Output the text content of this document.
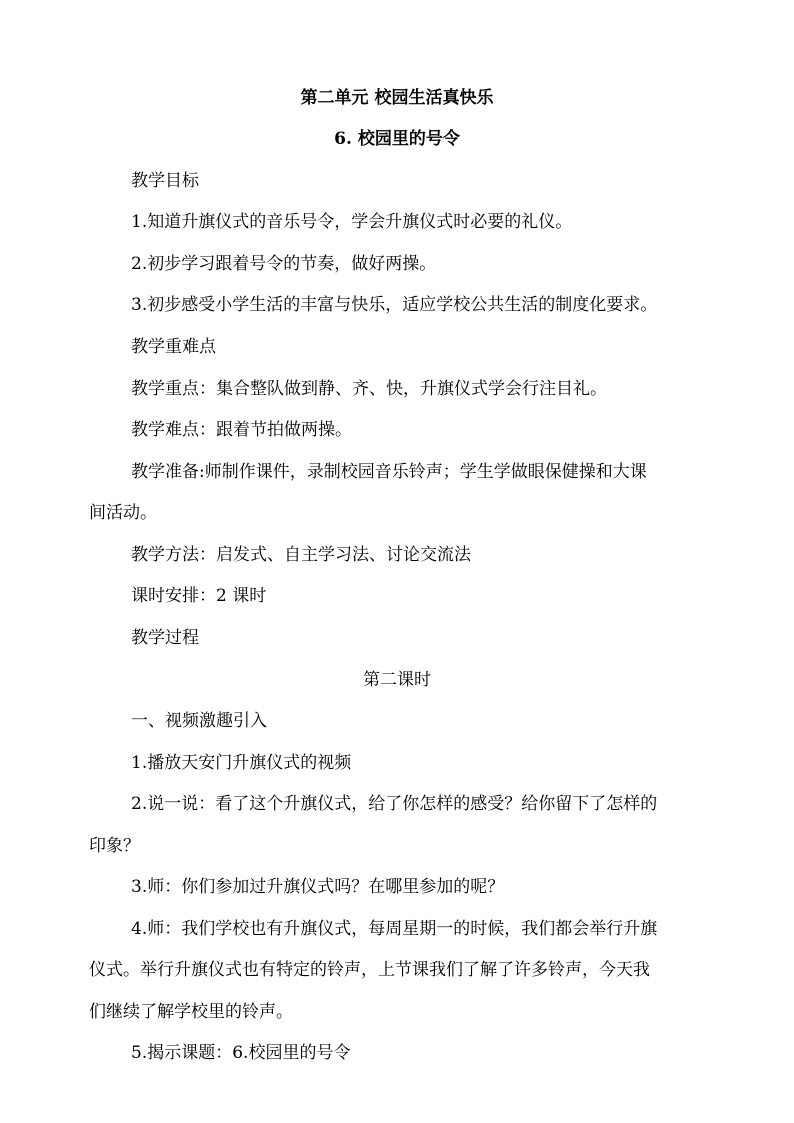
第二单元 校园生活真快乐

6. 校园里的号令

教学目标

1.知道升旗仪式的音乐号令，学会升旗仪式时必要的礼仪。

2.初步学习跟着号令的节奏，做好两操。

3.初步感受小学生活的丰富与快乐，适应学校公共生活的制度化要求。

教学重难点

教学重点：集合整队做到静、齐、快，升旗仪式学会行注目礼。

教学难点：跟着节拍做两操。

教学准备:师制作课件，录制校园音乐铃声；学生学做眼保健操和大课

间活动。

教学方法：启发式、自主学习法、讨论交流法

课时安排：2 课时

教学过程

第二课时

一、视频激趣引入

1.播放天安门升旗仪式的视频

2.说一说：看了这个升旗仪式，给了你怎样的感受？给你留下了怎样的

印象？

3.师：你们参加过升旗仪式吗？在哪里参加的呢？

4.师：我们学校也有升旗仪式，每周星期一的时候，我们都会举行升旗

仪式。举行升旗仪式也有特定的铃声，上节课我们了解了许多铃声，今天我

们继续了解学校里的铃声。

5.揭示课题：6.校园里的号令
